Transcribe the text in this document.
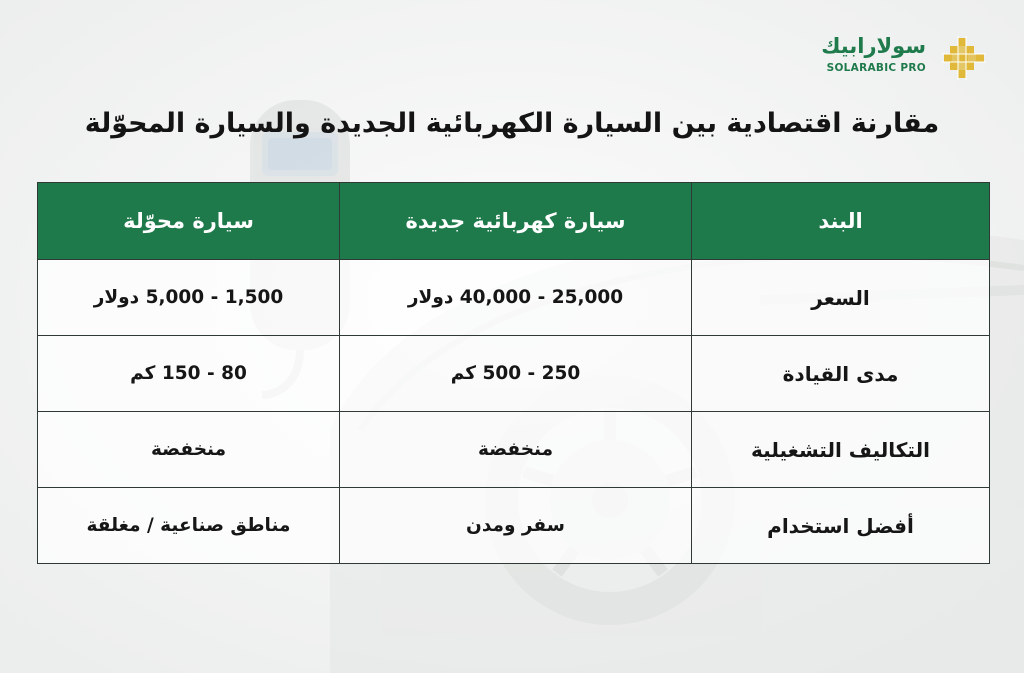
سولارابيك
SOLARABIC PRO
مقارنة اقتصادية بين السيارة الكهربائية الجديدة والسيارة المحوّلة
البند	سيارة كهربائية جديدة	سيارة محوّلة
السعر	25,000 - 40,000 دولار	1,500 - 5,000 دولار
مدى القيادة	250 - 500 كم	80 - 150 كم
التكاليف التشغيلية	منخفضة	منخفضة
أفضل استخدام	سفر ومدن	مناطق صناعية / مغلقة
